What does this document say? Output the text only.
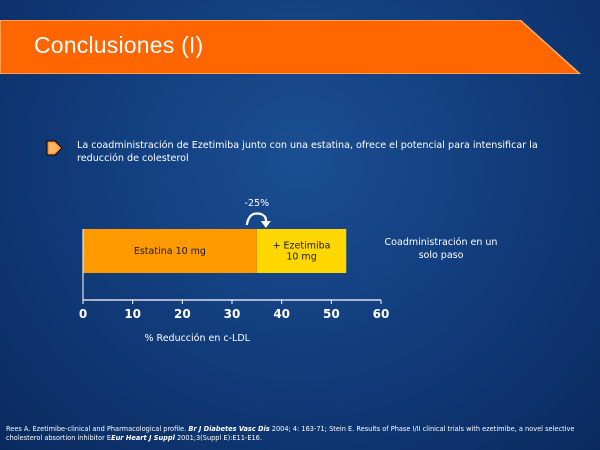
Conclusiones (I)
La coadministración de Ezetimiba junto con una estatina, ofrece el potencial para intensificar la reducción de colesterol
0	10	20	30	40	50	60
% Reducción en c-LDL
Estatina 10 mg	+ Ezetimiba 10 mg
-25%
Coadministración en un solo paso
Rees A. Ezetimibe-clinical and Pharmacological profile. Br J Diabetes Vasc Dis 2004; 4: 163-71; Stein E. Results of Phase I/II clinical trials with ezetimibe, a novel selective cholesterol absortion inhibitor EEur Heart J Suppl 2001;3(Suppl E):E11-E16.
